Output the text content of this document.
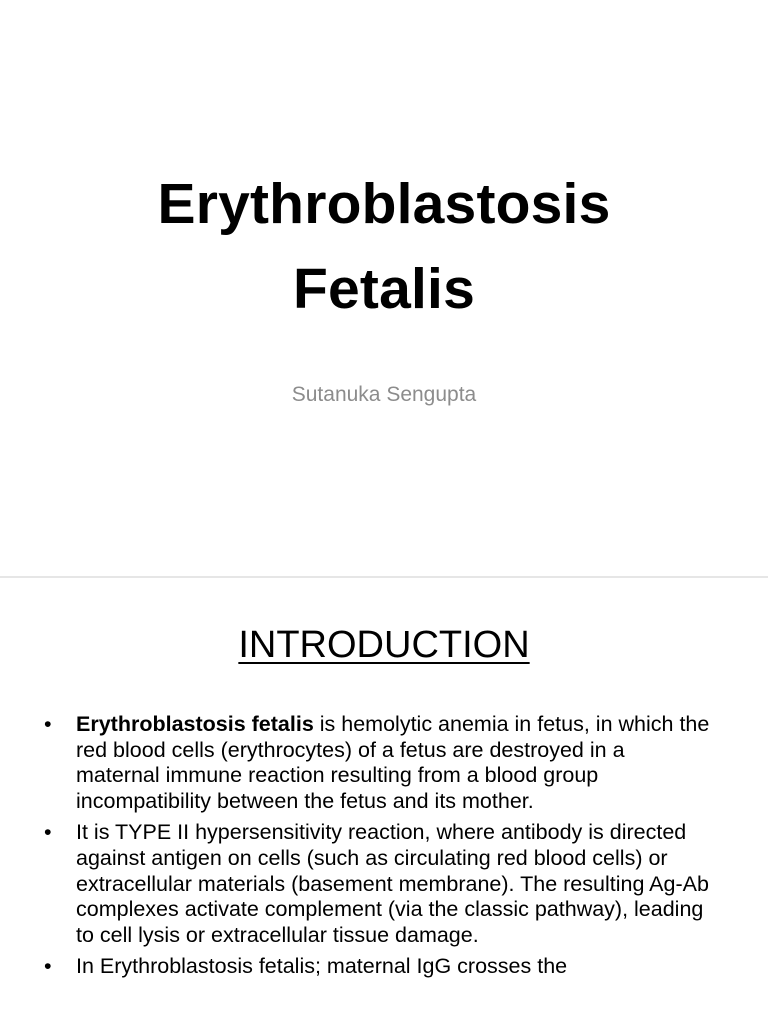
Erythroblastosis
Fetalis
Sutanuka Sengupta
INTRODUCTION
• Erythroblastosis fetalis is hemolytic anemia in fetus, in which the red blood cells (erythrocytes) of a fetus are destroyed in a maternal immune reaction resulting from a blood group incompatibility between the fetus and its mother.
• It is TYPE II hypersensitivity reaction, where antibody is directed against antigen on cells (such as circulating red blood cells) or extracellular materials (basement membrane). The resulting Ag-Ab complexes activate complement (via the classic pathway), leading to cell lysis or extracellular tissue damage.
• In Erythroblastosis fetalis; maternal IgG crosses the
